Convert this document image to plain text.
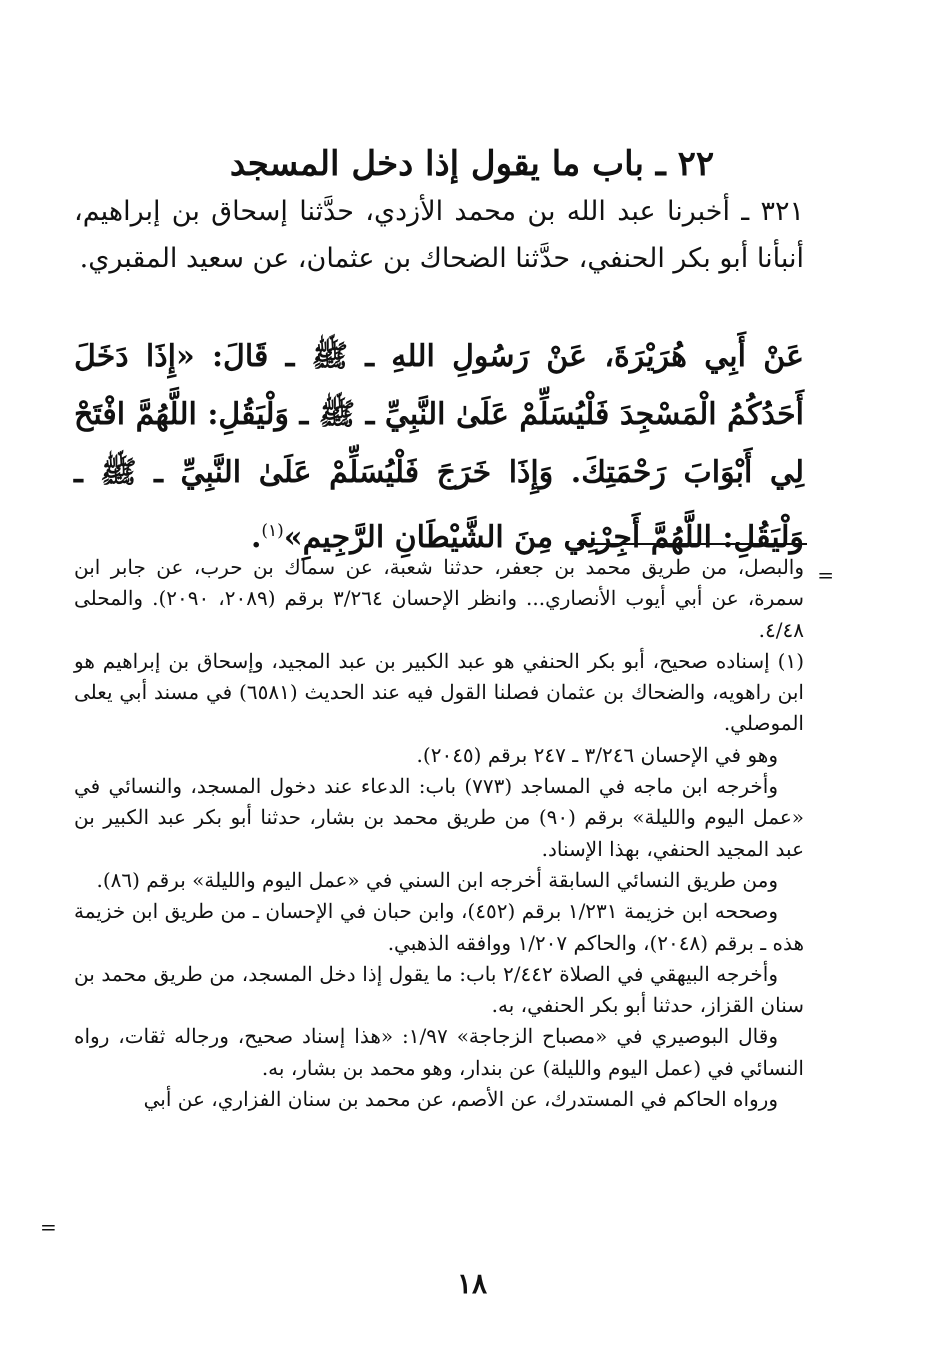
٢٢ ـ باب ما يقول إذا دخل المسجد

٣٢١ ـ أخبرنا عبد الله بن محمد الأزدي، حدَّثنا إسحاق بن إبراهيم، أنبأنا أبو بكر الحنفي، حدَّثنا الضحاك بن عثمان، عن سعيد المقبري.

عَنْ أَبِي هُرَيْرَةَ، عَنْ رَسُولِ اللهِ ـ ﷺ ـ قَالَ: «إِذَا دَخَلَ أَحَدُكُمُ الْمَسْجِدَ فَلْيُسَلِّمْ عَلَىٰ النَّبِيِّ ـ ﷺ ـ وَلْيَقُلِ: اللَّهُمَّ افْتَحْ لِي أَبْوَابَ رَحْمَتِكَ. وَإِذَا خَرَجَ فَلْيُسَلِّمْ عَلَىٰ النَّبِيِّ ـ ﷺ ـ وَلْيَقُلِ: اللَّهُمَّ أَجِرْنِي مِنَ الشَّيْطَانِ الرَّجِيمِ»$^{(١)}$.

=

والبصل، من طريق محمد بن جعفر، حدثنا شعبة، عن سماك بن حرب، عن جابر ابن سمرة، عن أبي أيوب الأنصاري... وانظر الإحسان ٣/٢٦٤ برقم (٢٠٨٩، ٢٠٩٠). والمحلى ٤/٤٨.

(١) إسناده صحيح، أبو بكر الحنفي هو عبد الكبير بن عبد المجيد، وإسحاق بن إبراهيم هو ابن راهويه، والضحاك بن عثمان فصلنا القول فيه عند الحديث (٦٥٨١) في مسند أبي يعلى الموصلي.

وهو في الإحسان ٣/٢٤٦ ـ ٢٤٧ برقم (٢٠٤٥).

وأخرجه ابن ماجه في المساجد (٧٧٣) باب: الدعاء عند دخول المسجد، والنسائي في «عمل اليوم والليلة» برقم (٩٠) من طريق محمد بن بشار، حدثنا أبو بكر عبد الكبير بن عبد المجيد الحنفي، بهذا الإسناد.

ومن طريق النسائي السابقة أخرجه ابن السني في «عمل اليوم والليلة» برقم (٨٦).

وصححه ابن خزيمة ١/٢٣١ برقم (٤٥٢)، وابن حبان في الإحسان ـ من طريق ابن خزيمة هذه ـ برقم (٢٠٤٨)، والحاكم ١/٢٠٧ ووافقه الذهبي.

وأخرجه البيهقي في الصلاة ٢/٤٤٢ باب: ما يقول إذا دخل المسجد، من طريق محمد بن سنان القزاز، حدثنا أبو بكر الحنفي، به.

وقال البوصيري في «مصباح الزجاجة» ١/٩٧: «هذا إسناد صحيح، ورجاله ثقات، رواه النسائي في (عمل اليوم والليلة) عن بندار، وهو محمد بن بشار، به.

ورواه الحاكم في المستدرك، عن الأصم، عن محمد بن سنان الفزاري، عن أبي

=
١٨
